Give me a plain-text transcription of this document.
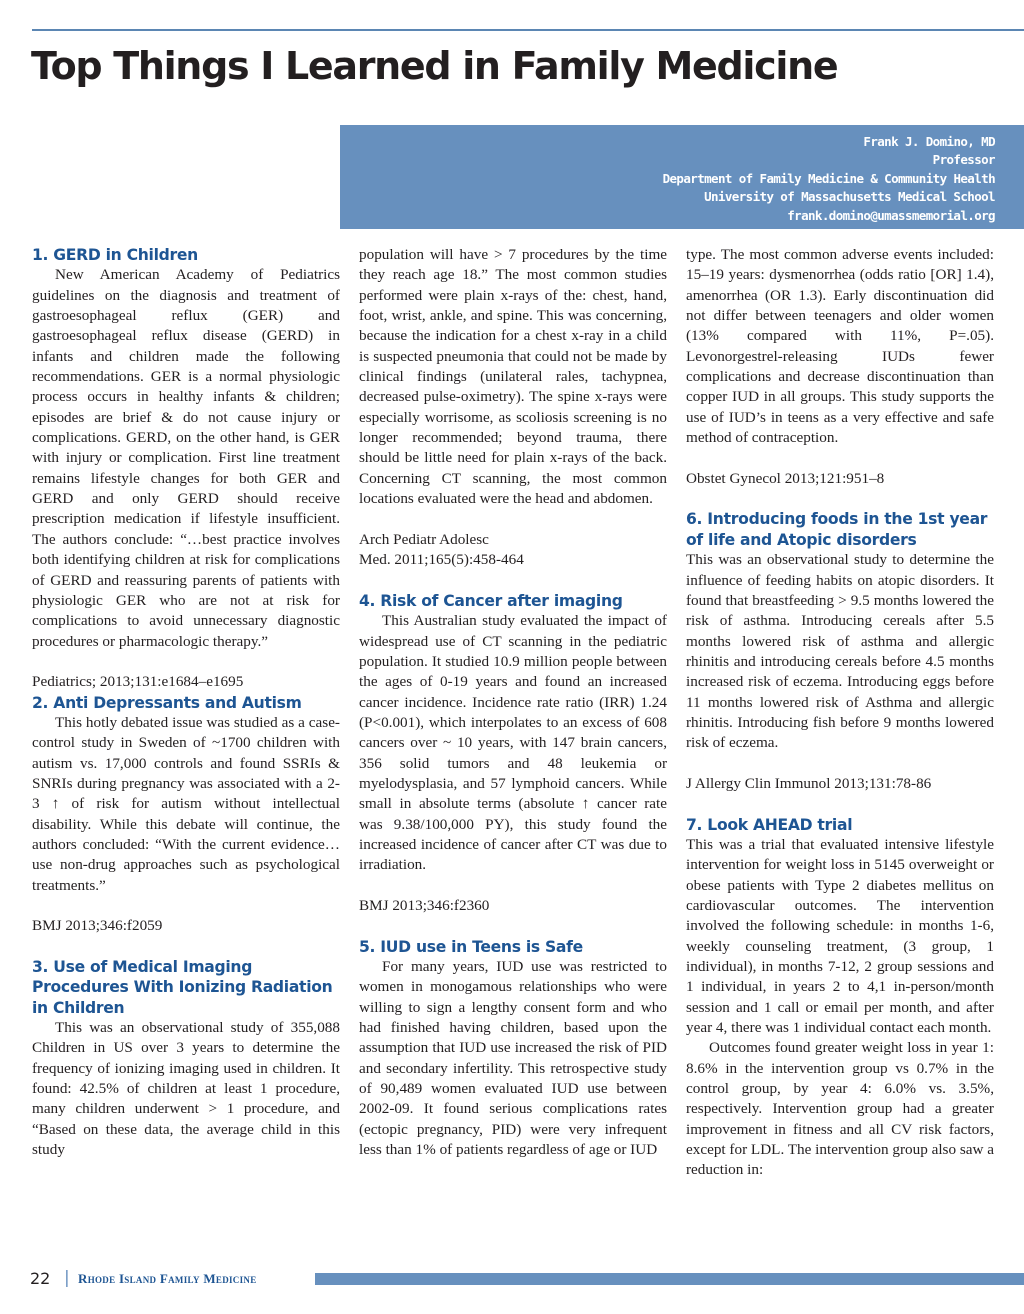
Top Things I Learned in Family Medicine
Frank J. Domino, MD
Professor
Department of Family Medicine & Community Health
University of Massachusetts Medical School
frank.domino@umassmemorial.org
1. GERD in Children

New American Academy of Pediatrics guidelines on the diagnosis and treatment of gastroesophageal reflux (GER) and gastroesophageal reflux disease (GERD) in infants and children made the following recommendations. GER is a normal physiologic process occurs in healthy infants & children; episodes are brief & do not cause injury or complications. GERD, on the other hand, is GER with injury or complication. First line treatment remains lifestyle changes for both GER and GERD and only GERD should receive prescription medication if lifestyle insufficient. The authors conclude: “…best practice involves both identifying children at risk for complications of GERD and reassuring parents of patients with physiologic GER who are not at risk for complications to avoid unnecessary diagnostic procedures or pharmacologic therapy.”

Pediatrics; 2013;131:e1684–e1695

2. Anti Depressants and Autism

This hotly debated issue was studied as a case-control study in Sweden of ~1700 children with autism vs. 17,000 controls and found SSRIs & SNRIs during pregnancy was associated with a 2-3 ↑ of risk for autism without intellectual disability. While this debate will continue, the authors concluded: “With the current evidence…use non-drug approaches such as psychological treatments.”

BMJ 2013;346:f2059

3. Use of Medical Imaging Procedures With Ionizing Radiation in Children

This was an observational study of 355,088 Children in US over 3 years to determine the frequency of ionizing imaging used in children. It found: 42.5% of children at least 1 procedure, many children underwent > 1 procedure, and “Based on these data, the average child in this study

population will have > 7 procedures by the time they reach age 18.” The most common studies performed were plain x-rays of the: chest, hand, foot, wrist, ankle, and spine. This was concerning, because the indication for a chest x-ray in a child is suspected pneumonia that could not be made by clinical findings (unilateral rales, tachypnea, decreased pulse-oximetry). The spine x-rays were especially worrisome, as scoliosis screening is no longer recommended; beyond trauma, there should be little need for plain x-rays of the back. Concerning CT scanning, the most common locations evaluated were the head and abdomen.

Arch Pediatr Adolesc

Med. 2011;165(5):458-464

4. Risk of Cancer after imaging

This Australian study evaluated the impact of widespread use of CT scanning in the pediatric population. It studied 10.9 million people between the ages of 0-19 years and found an increased cancer incidence. Incidence rate ratio (IRR) 1.24 (P<0.001), which interpolates to an excess of 608 cancers over ~ 10 years, with 147 brain cancers, 356 solid tumors and 48 leukemia or myelodysplasia, and 57 lymphoid cancers. While small in absolute terms (absolute ↑ cancer rate was 9.38/100,000 PY), this study found the increased incidence of cancer after CT was due to irradiation.

BMJ 2013;346:f2360

5. IUD use in Teens is Safe

For many years, IUD use was restricted to women in monogamous relationships who were willing to sign a lengthy consent form and who had finished having children, based upon the assumption that IUD use increased the risk of PID and secondary infertility. This retrospective study of 90,489 women evaluated IUD use between 2002-09. It found serious complications rates (ectopic pregnancy, PID) were very infrequent less than 1% of patients regardless of age or IUD

type. The most common adverse events included: 15–19 years: dysmenorrhea (odds ratio [OR] 1.4), amenorrhea (OR 1.3). Early discontinuation did not differ between teenagers and older women (13% compared with 11%, P=.05). Levonorgestrel-releasing IUDs fewer complications and decrease discontinuation than copper IUD in all groups. This study supports the use of IUD’s in teens as a very effective and safe method of contraception.

Obstet Gynecol 2013;121:951–8

6. Introducing foods in the 1st year of life and Atopic disorders

This was an observational study to determine the influence of feeding habits on atopic disorders. It found that breastfeeding > 9.5 months lowered the risk of asthma. Introducing cereals after 5.5 months lowered risk of asthma and allergic rhinitis and introducing cereals before 4.5 months increased risk of eczema. Introducing eggs before 11 months lowered risk of Asthma and allergic rhinitis. Introducing fish before 9 months lowered risk of eczema.

J Allergy Clin Immunol 2013;131:78-86

7. Look AHEAD trial

This was a trial that evaluated intensive lifestyle intervention for weight loss in 5145 overweight or obese patients with Type 2 diabetes mellitus on cardiovascular outcomes. The intervention involved the following schedule: in months 1-6, weekly counseling treatment, (3 group, 1 individual), in months 7-12, 2 group sessions and 1 individual, in years 2 to 4,1 in-person/month session and 1 call or email per month, and after year 4, there was 1 individual contact each month.

Outcomes found greater weight loss in year 1: 8.6% in the intervention group vs 0.7% in the control group, by year 4: 6.0% vs. 3.5%, respectively. Intervention group had a greater improvement in fitness and all CV risk factors, except for LDL. The intervention group also saw a reduction in:

22 | Rhode Island Family Medicine
